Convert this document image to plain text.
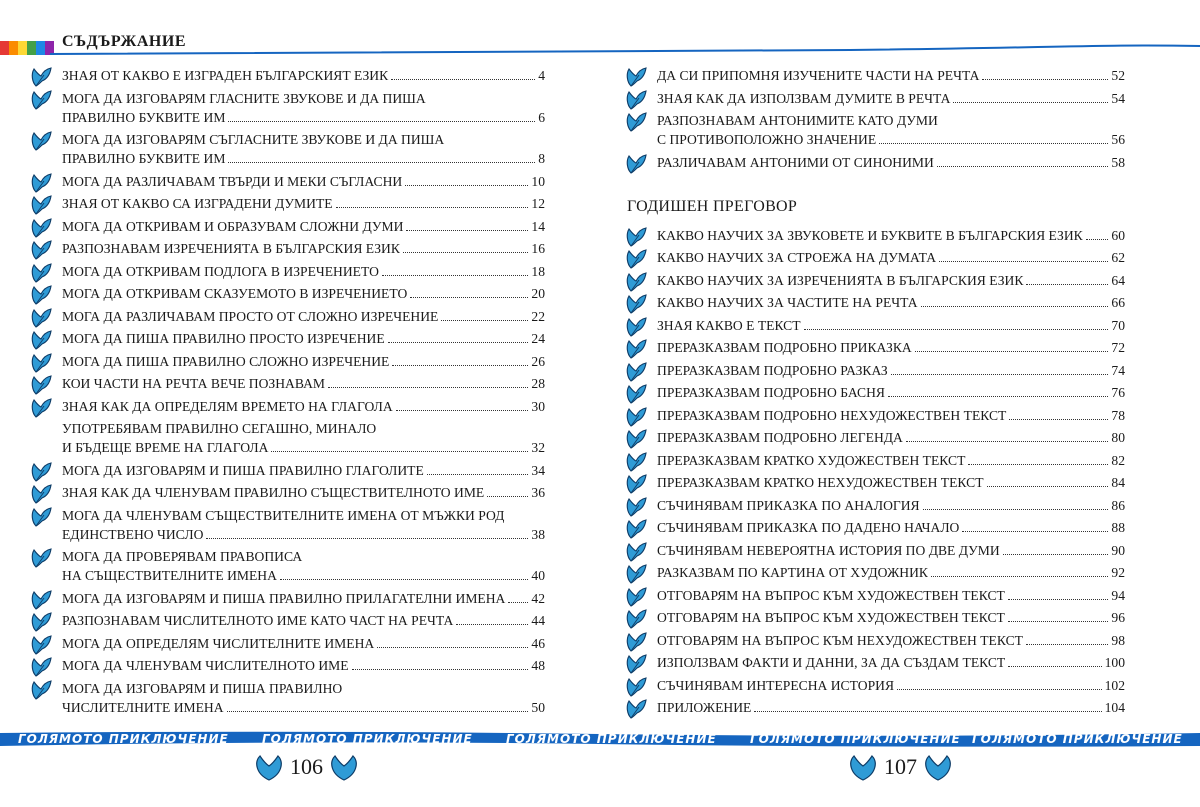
СЪДЪРЖАНИЕ
ЗНАЯ ОТ КАКВО Е ИЗГРАДЕН БЪЛГАРСКИЯТ ЕЗИК	4
МОГА ДА ИЗГОВАРЯМ ГЛАСНИТЕ ЗВУКОВЕ И ДА ПИША
ПРАВИЛНО БУКВИТЕ ИМ	6
МОГА ДА ИЗГОВАРЯМ СЪГЛАСНИТЕ ЗВУКОВЕ И ДА ПИША
ПРАВИЛНО БУКВИТЕ ИМ	8
МОГА ДА РАЗЛИЧАВАМ ТВЪРДИ И МЕКИ СЪГЛАСНИ	10
ЗНАЯ ОТ КАКВО СА ИЗГРАДЕНИ ДУМИТЕ	12
МОГА ДА ОТКРИВАМ И ОБРАЗУВАМ СЛОЖНИ ДУМИ	14
РАЗПОЗНАВАМ ИЗРЕЧЕНИЯТА В БЪЛГАРСКИЯ ЕЗИК	16
МОГА ДА ОТКРИВАМ ПОДЛОГА В ИЗРЕЧЕНИЕТО	18
МОГА ДА ОТКРИВАМ СКАЗУЕМОТО В ИЗРЕЧЕНИЕТО	20
МОГА ДА РАЗЛИЧАВАМ ПРОСТО ОТ СЛОЖНО ИЗРЕЧЕНИЕ	22
МОГА ДА ПИША ПРАВИЛНО ПРОСТО ИЗРЕЧЕНИЕ	24
МОГА ДА ПИША ПРАВИЛНО СЛОЖНО ИЗРЕЧЕНИЕ	26
КОИ ЧАСТИ НА РЕЧТА ВЕЧЕ ПОЗНАВАМ	28
ЗНАЯ КАК ДА ОПРЕДЕЛЯМ ВРЕМЕТО НА ГЛАГОЛА	30
УПОТРЕБЯВАМ ПРАВИЛНО СЕГАШНО, МИНАЛО
И БЪДЕЩЕ ВРЕМЕ НА ГЛАГОЛА	32
МОГА ДА ИЗГОВАРЯМ И ПИША ПРАВИЛНО ГЛАГОЛИТЕ	34
ЗНАЯ КАК ДА ЧЛЕНУВАМ ПРАВИЛНО СЪЩЕСТВИТЕЛНОТО ИМЕ	36
МОГА ДА ЧЛЕНУВАМ СЪЩЕСТВИТЕЛНИТЕ ИМЕНА ОТ МЪЖКИ РОД
ЕДИНСТВЕНО ЧИСЛО	38
МОГА ДА ПРОВЕРЯВАМ ПРАВОПИСА
НА СЪЩЕСТВИТЕЛНИТЕ ИМЕНА	40
МОГА ДА ИЗГОВАРЯМ И ПИША ПРАВИЛНО ПРИЛАГАТЕЛНИ ИМЕНА 42
РАЗПОЗНАВАМ ЧИСЛИТЕЛНОТО ИМЕ КАТО ЧАСТ НА РЕЧТА	44
МОГА ДА ОПРЕДЕЛЯМ ЧИСЛИТЕЛНИТЕ ИМЕНА	46
МОГА ДА ЧЛЕНУВАМ ЧИСЛИТЕЛНОТО ИМЕ	48
МОГА ДА ИЗГОВАРЯМ И ПИША ПРАВИЛНО
ЧИСЛИТЕЛНИТЕ ИМЕНА	50
ДА СИ ПРИПОМНЯ ИЗУЧЕНИТЕ ЧАСТИ НА РЕЧТА	52
ЗНАЯ КАК ДА ИЗПОЛЗВАМ ДУМИТЕ В РЕЧТА	54
РАЗПОЗНАВАМ АНТОНИМИТЕ КАТО ДУМИ
С ПРОТИВОПОЛОЖНО ЗНАЧЕНИЕ	56
РАЗЛИЧАВАМ АНТОНИМИ ОТ СИНОНИМИ	58
ГОДИШЕН ПРЕГОВОР
КАКВО НАУЧИХ ЗА ЗВУКОВЕТЕ И БУКВИТЕ В БЪЛГАРСКИЯ ЕЗИК 60
КАКВО НАУЧИХ ЗА СТРОЕЖА НА ДУМАТА	62
КАКВО НАУЧИХ ЗА ИЗРЕЧЕНИЯТА В БЪЛГАРСКИЯ ЕЗИК	64
КАКВО НАУЧИХ ЗА ЧАСТИТЕ НА РЕЧТА	66
ЗНАЯ КАКВО Е ТЕКСТ	70
ПРЕРАЗКАЗВАМ ПОДРОБНО ПРИКАЗКА	72
ПРЕРАЗКАЗВАМ ПОДРОБНО РАЗКАЗ	74
ПРЕРАЗКАЗВАМ ПОДРОБНО БАСНЯ	76
ПРЕРАЗКАЗВАМ ПОДРОБНО НЕХУДОЖЕСТВЕН ТЕКСТ	78
ПРЕРАЗКАЗВАМ ПОДРОБНО ЛЕГЕНДА	80
ПРЕРАЗКАЗВАМ КРАТКО ХУДОЖЕСТВЕН ТЕКСТ	82
ПРЕРАЗКАЗВАМ КРАТКО НЕХУДОЖЕСТВЕН ТЕКСТ	84
СЪЧИНЯВАМ ПРИКАЗКА ПО АНАЛОГИЯ	86
СЪЧИНЯВАМ ПРИКАЗКА ПО ДАДЕНО НАЧАЛО	88
СЪЧИНЯВАМ НЕВЕРОЯТНА ИСТОРИЯ ПО ДВЕ ДУМИ	90
РАЗКАЗВАМ ПО КАРТИНА ОТ ХУДОЖНИК	92
ОТГОВАРЯМ НА ВЪПРОС КЪМ ХУДОЖЕСТВЕН ТЕКСТ	94
ОТГОВАРЯМ НА ВЪПРОС КЪМ ХУДОЖЕСТВЕН ТЕКСТ	96
ОТГОВАРЯМ НА ВЪПРОС КЪМ НЕХУДОЖЕСТВЕН ТЕКСТ	98
ИЗПОЛЗВАМ ФАКТИ И ДАННИ, ЗА ДА СЪЗДАМ ТЕКСТ	100
СЪЧИНЯВАМ ИНТЕРЕСНА ИСТОРИЯ	102
ПРИЛОЖЕНИЕ	104
ГОЛЯМОТО ПРИКЛЮЧЕНИЕ	ГОЛЯМОТО ПРИКЛЮЧЕНИЕ	ГОЛЯМОТО ПРИКЛЮЧЕНИЕ	ГОЛЯМОТО ПРИКЛЮЧЕНИЕ ГОЛЯМОТО ПРИКЛЮЧЕНИЕ
106	107
